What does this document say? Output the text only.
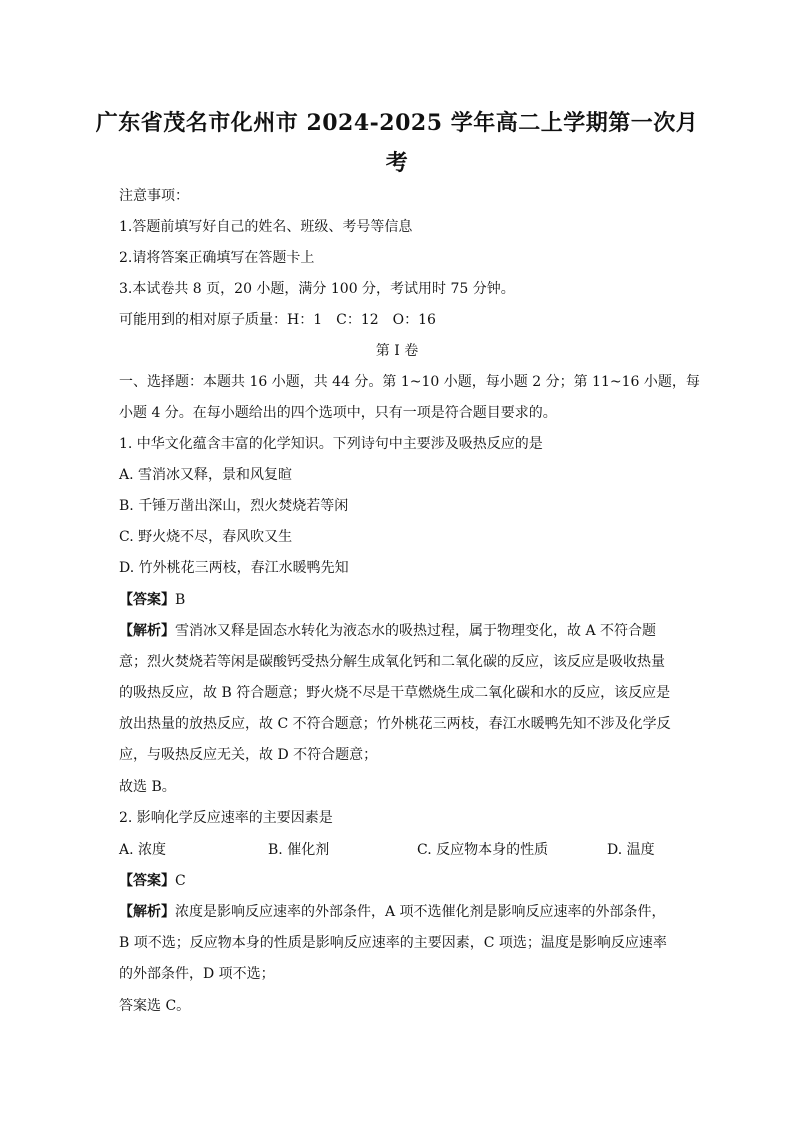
广东省茂名市化州市 2024-2025 学年高二上学期第一次月
考
注意事项：
1.答题前填写好自己的姓名、班级、考号等信息
2.请将答案正确填写在答题卡上
3.本试卷共 8 页，20 小题，满分 100 分，考试用时 75 分钟。
可能用到的相对原子质量：H：1　C：12　O：16
第 I 卷
一、选择题：本题共 16 小题，共 44 分。第 1~10 小题，每小题 2 分；第 11~16 小题，每
小题 4 分。在每小题给出的四个选项中，只有一项是符合题目要求的。
1. 中华文化蕴含丰富的化学知识。下列诗句中主要涉及吸热反应的是
A. 雪消冰又释，景和风复暄
B. 千锤万凿出深山，烈火焚烧若等闲
C. 野火烧不尽，春风吹又生
D. 竹外桃花三两枝，春江水暖鸭先知
【答案】B
【解析】雪消冰又释是固态水转化为液态水的吸热过程，属于物理变化，故 A 不符合题
意；烈火焚烧若等闲是碳酸钙受热分解生成氧化钙和二氧化碳的反应，该反应是吸收热量
的吸热反应，故 B 符合题意；野火烧不尽是干草燃烧生成二氧化碳和水的反应，该反应是
放出热量的放热反应，故 C 不符合题意；竹外桃花三两枝，春江水暖鸭先知不涉及化学反
应，与吸热反应无关，故 D 不符合题意；
故选 B。
2. 影响化学反应速率的主要因素是
A. 浓度	B. 催化剂	C. 反应物本身的性质	D. 温度
【答案】C
【解析】浓度是影响反应速率的外部条件，A 项不选催化剂是影响反应速率的外部条件，
B 项不选；反应物本身的性质是影响反应速率的主要因素，C 项选；温度是影响反应速率
的外部条件，D 项不选；
答案选 C。
